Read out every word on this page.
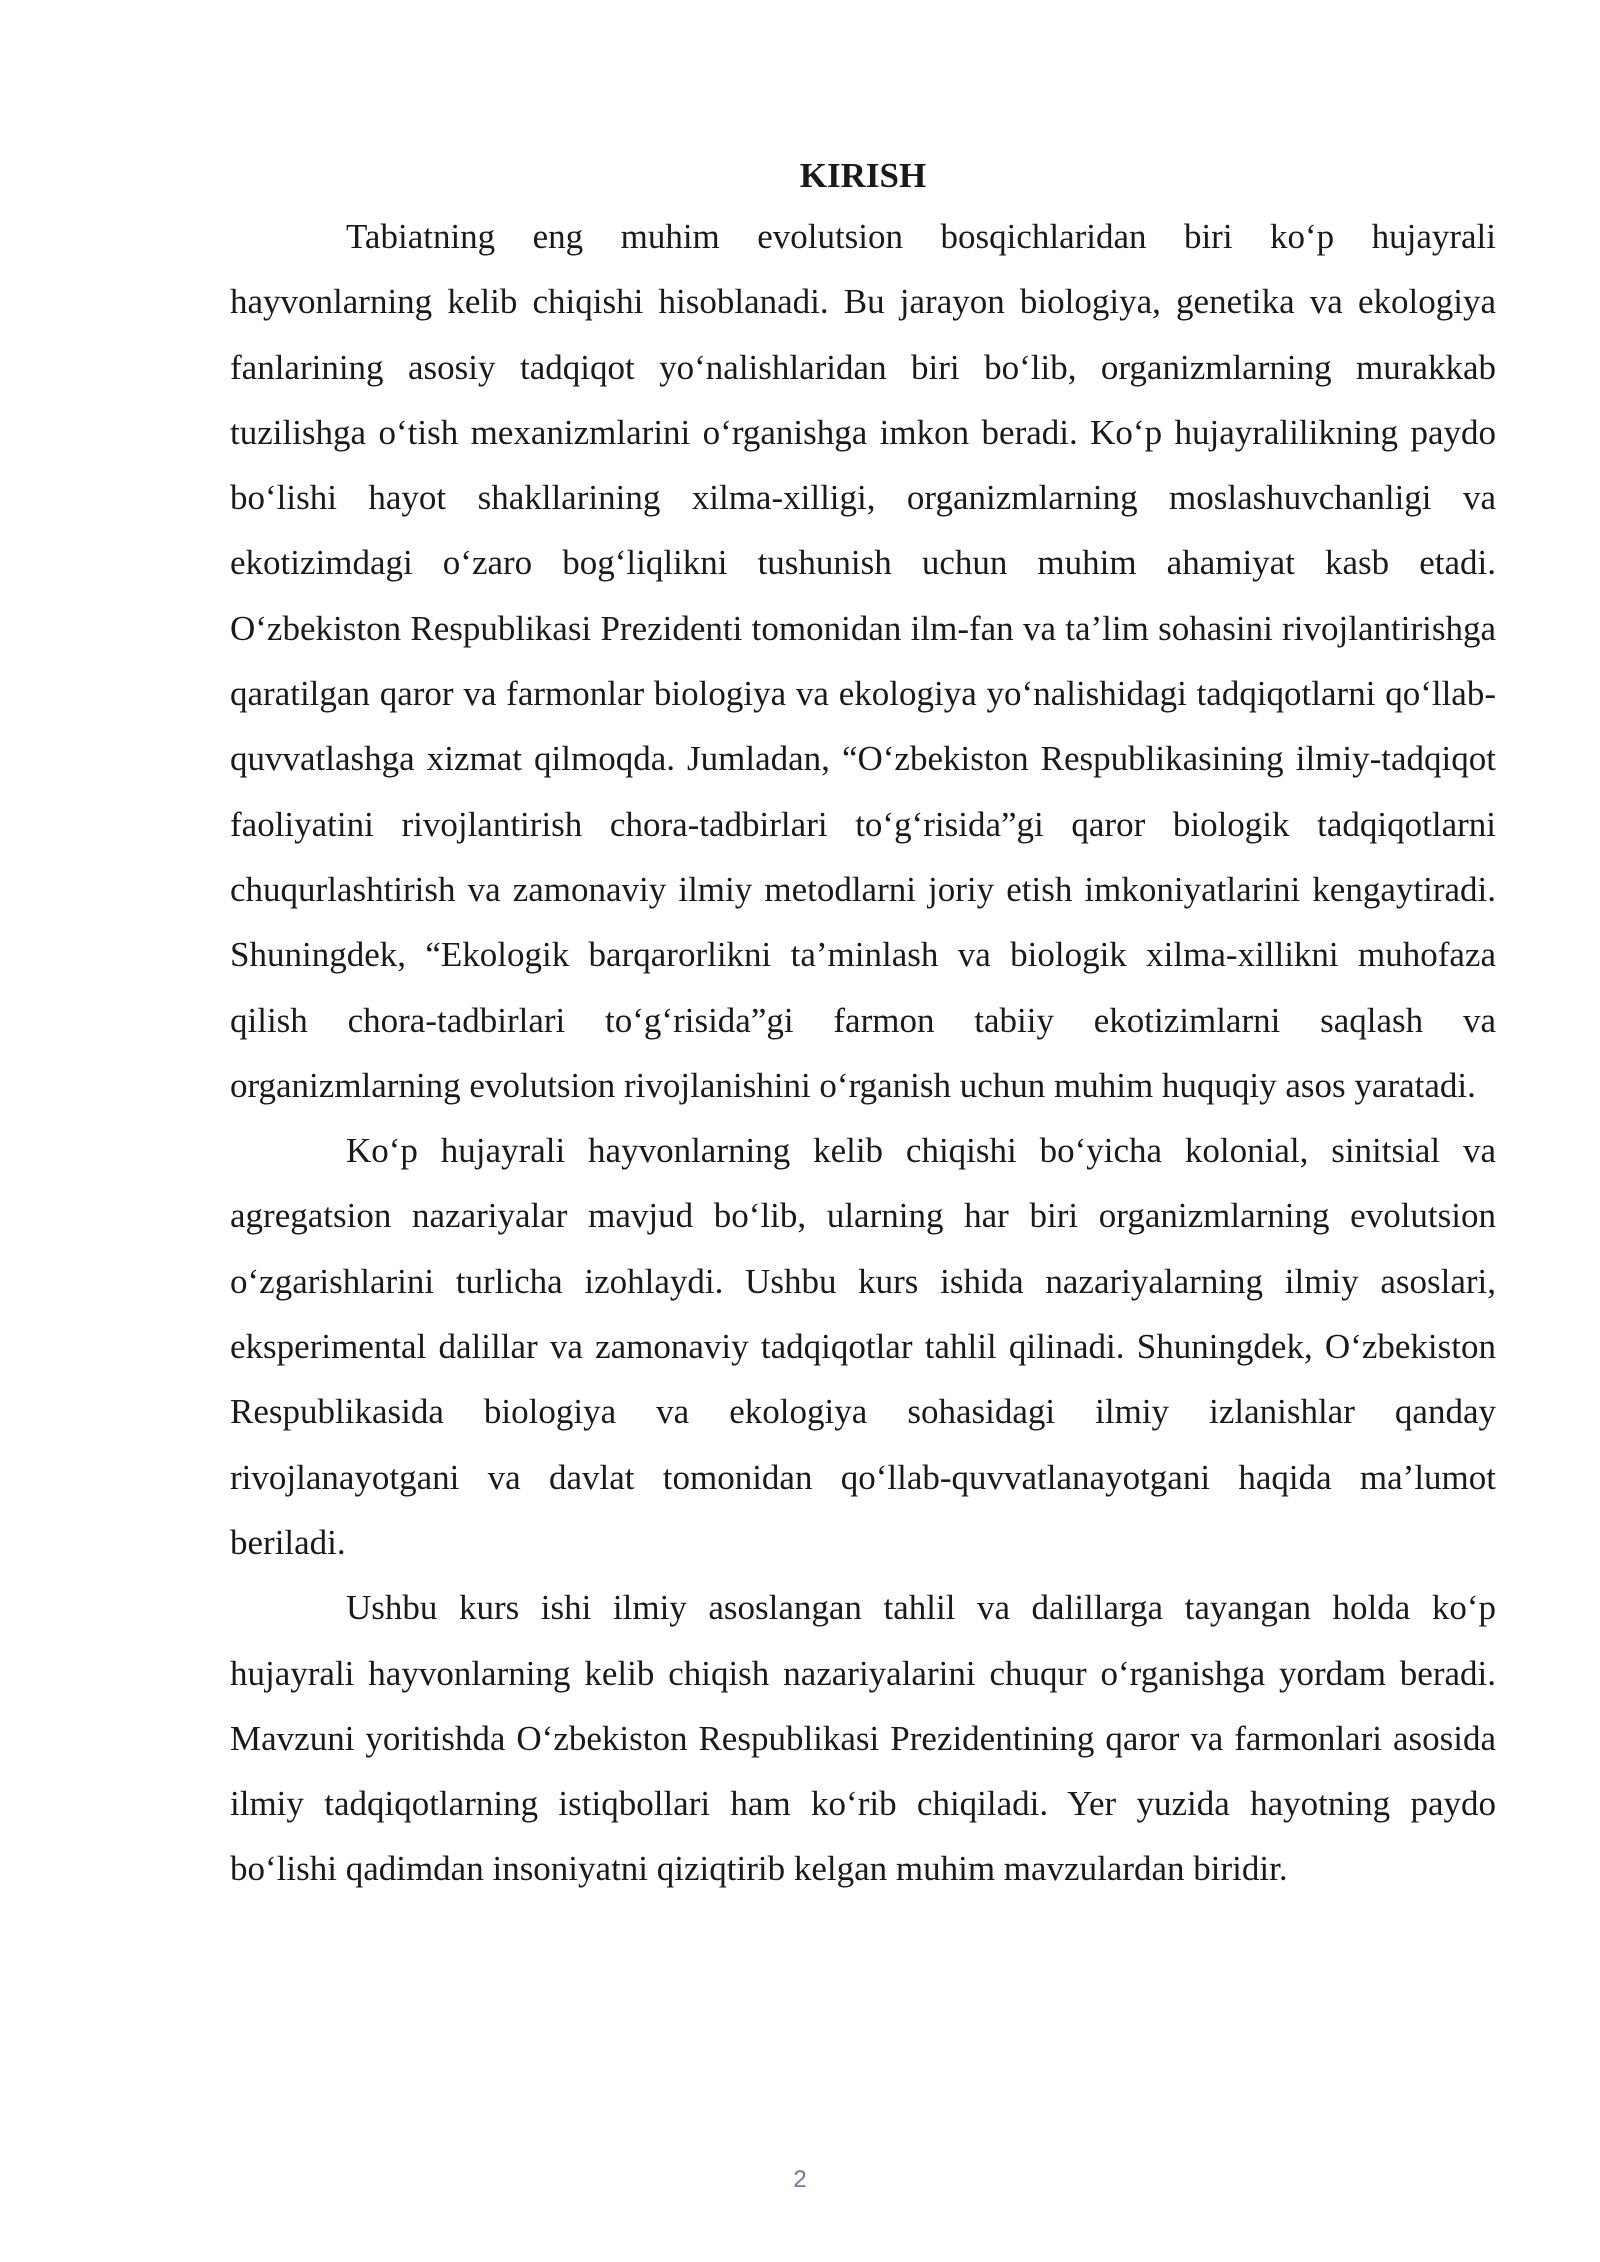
KIRISH

Tabiatning eng muhim evolutsion bosqichlaridan biri ko‘p hujayrali hayvonlarning kelib chiqishi hisoblanadi. Bu jarayon biologiya, genetika va ekologiya fanlarining asosiy tadqiqot yo‘nalishlaridan biri bo‘lib, organizmlarning murakkab tuzilishga o‘tish mexanizmlarini o‘rganishga imkon beradi. Ko‘p hujayralilikning paydo bo‘lishi hayot shakllarining xilma-xilligi, organizmlarning moslashuvchanligi va ekotizimdagi o‘zaro bog‘liqlikni tushunish uchun muhim ahamiyat kasb etadi. O‘zbekiston Respublikasi Prezidenti tomonidan ilm-fan va ta’lim sohasini rivojlantirishga qaratilgan qaror va farmonlar biologiya va ekologiya yo‘nalishidagi tadqiqotlarni qo‘llab-quvvatlashga xizmat qilmoqda. Jumladan, “O‘zbekiston Respublikasining ilmiy-tadqiqot faoliyatini rivojlantirish chora-tadbirlari to‘g‘risida”gi qaror biologik tadqiqotlarni chuqurlashtirish va zamonaviy ilmiy metodlarni joriy etish imkoniyatlarini kengaytiradi. Shuningdek, “Ekologik barqarorlikni ta’minlash va biologik xilma-xillikni muhofaza qilish chora-tadbirlari to‘g‘risida”gi farmon tabiiy ekotizimlarni saqlash va organizmlarning evolutsion rivojlanishini o‘rganish uchun muhim huquqiy asos yaratadi.

Ko‘p hujayrali hayvonlarning kelib chiqishi bo‘yicha kolonial, sinitsial va agregatsion nazariyalar mavjud bo‘lib, ularning har biri organizmlarning evolutsion o‘zgarishlarini turlicha izohlaydi. Ushbu kurs ishida nazariyalarning ilmiy asoslari, eksperimental dalillar va zamonaviy tadqiqotlar tahlil qilinadi. Shuningdek, O‘zbekiston Respublikasida biologiya va ekologiya sohasidagi ilmiy izlanishlar qanday rivojlanayotgani va davlat tomonidan qo‘llab-quvvatlanayotgani haqida ma’lumot beriladi.

Ushbu kurs ishi ilmiy asoslangan tahlil va dalillarga tayangan holda ko‘p hujayrali hayvonlarning kelib chiqish nazariyalarini chuqur o‘rganishga yordam beradi. Mavzuni yoritishda O‘zbekiston Respublikasi Prezidentining qaror va farmonlari asosida ilmiy tadqiqotlarning istiqbollari ham ko‘rib chiqiladi. Yer yuzida hayotning paydo bo‘lishi qadimdan insoniyatni qiziqtirib kelgan muhim mavzulardan biridir.

2
